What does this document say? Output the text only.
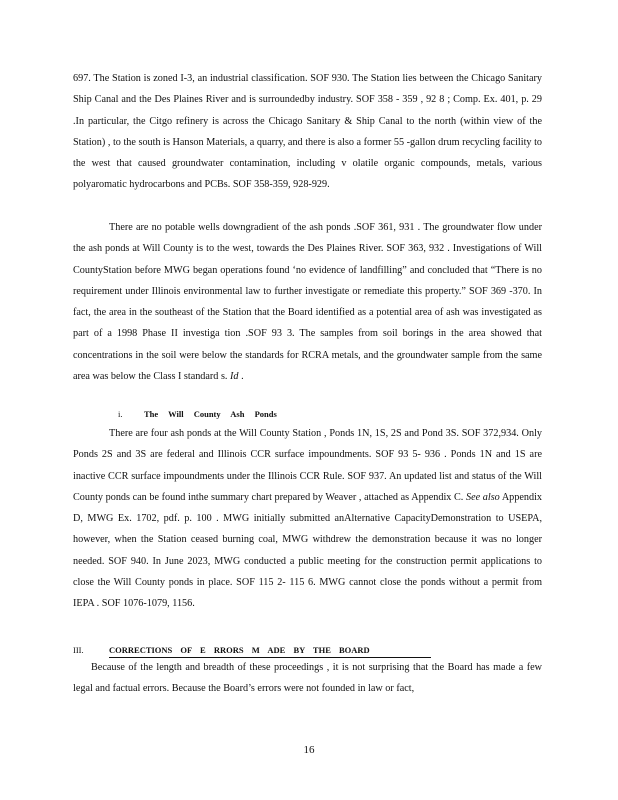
697. The Station is zoned I-3, an industrial classification. SOF 930. The Station lies between the Chicago Sanitary Ship Canal and the Des Plaines River and is surroundedby industry. SOF 358 - 359 , 92 8 ; Comp. Ex. 401, p. 29 .In particular, the Citgo refinery is across the Chicago Sanitary & Ship Canal to the north (within view of the Station) , to the south is Hanson Materials, a quarry, and there is also a former 55 -gallon drum recycling facility to the west that caused groundwater contamination, including v olatile organic compounds, metals, various polyaromatic hydrocarbons and PCBs. SOF 358-359, 928-929.

There are no potable wells downgradient of the ash ponds .SOF 361, 931 . The groundwater flow under the ash ponds at Will County is to the west, towards the Des Plaines River. SOF 363, 932 . Investigations of Will CountyStation before MWG began operations found ‘no evidence of landfilling” and concluded that “There is no requirement under Illinois environmental law to further investigate or remediate this property.” SOF 369 -370. In fact, the area in the southeast of the Station that the Board identified as a potential area of ash was investigated as part of a 1998 Phase II investiga tion .SOF 93 3. The samples from soil borings in the area showed that concentrations in the soil were below the standards for RCRA metals, and the groundwater sample from the same area was below the Class I standard s. Id .

i.	The Will County Ash Ponds

There are four ash ponds at the Will County Station , Ponds 1N, 1S, 2S and Pond 3S. SOF 372,934. Only Ponds 2S and 3S are federal and Illinois CCR surface impoundments. SOF 93 5- 936 . Ponds 1N and 1S are inactive CCR surface impoundments under the Illinois CCR Rule. SOF 937. An updated list and status of the Will County ponds can be found inthe summary chart prepared by Weaver , attached as Appendix C. See also Appendix D, MWG Ex. 1702, pdf. p. 100 . MWG initially submitted anAlternative CapacityDemonstration to USEPA, however, when the Station ceased burning coal, MWG withdrew the demonstration because it was no longer needed. SOF 940. In June 2023, MWG conducted a public meeting for the construction permit applications to close the Will County ponds in place. SOF 115 2- 115 6. MWG cannot close the ponds without a permit from IEPA . SOF 1076-1079, 1156.

III.	CORRECTIONS OF E RRORS M ADE BY THE BOARD

Because of the length and breadth of these proceedings , it is not surprising that the Board has made a few legal and factual errors. Because the Board’s errors were not founded in law or fact,

16
